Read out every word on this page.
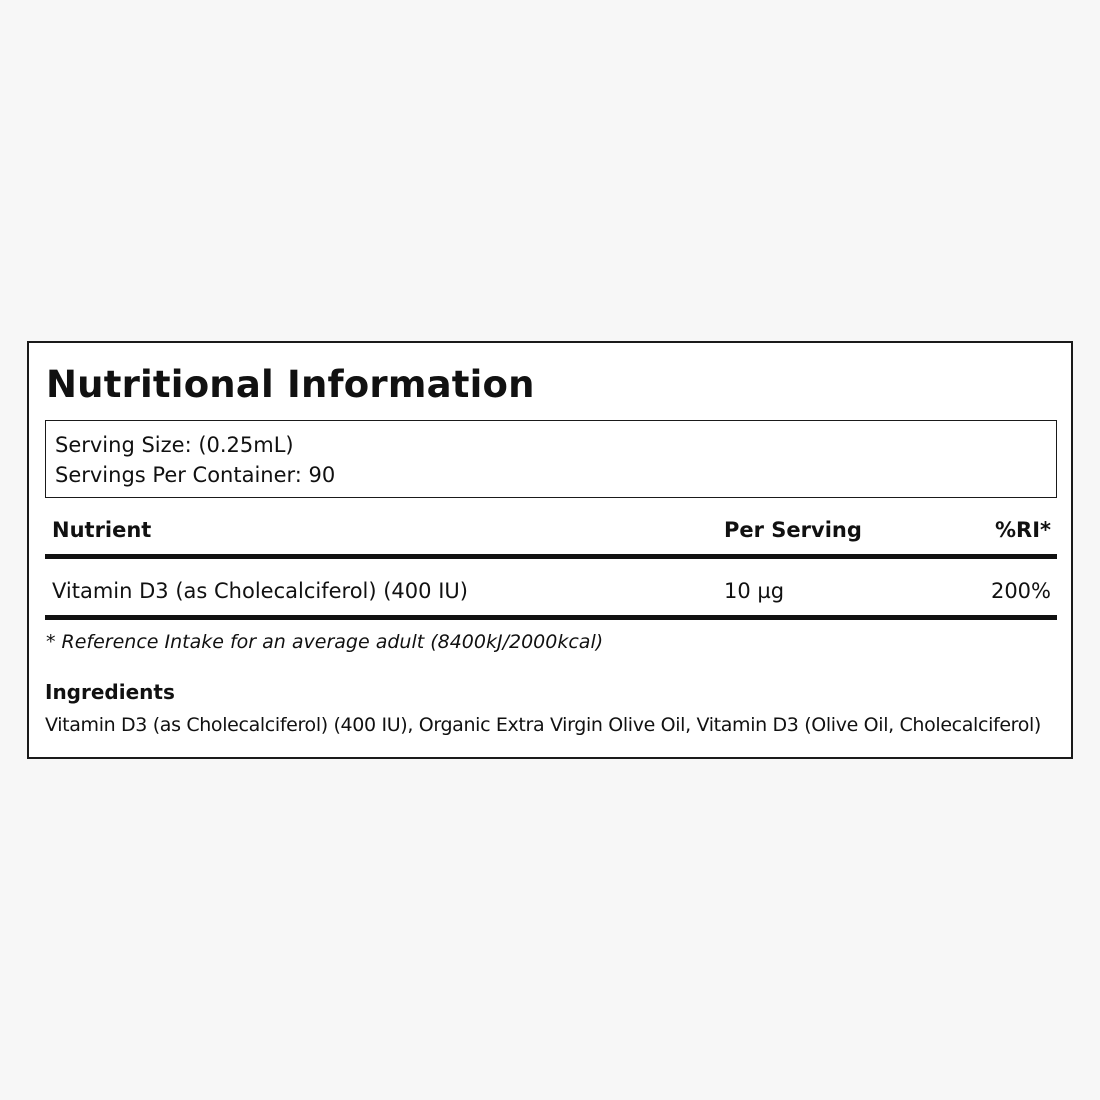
Nutritional Information
Serving Size: (0.25mL)
Servings Per Container: 90
Nutrient	Per Serving	%RI*
Vitamin D3 (as Cholecalciferol) (400 IU)	10 µg	200%
* Reference Intake for an average adult (8400kJ/2000kcal)
Ingredients
Vitamin D3 (as Cholecalciferol) (400 IU), Organic Extra Virgin Olive Oil, Vitamin D3 (Olive Oil, Cholecalciferol)
